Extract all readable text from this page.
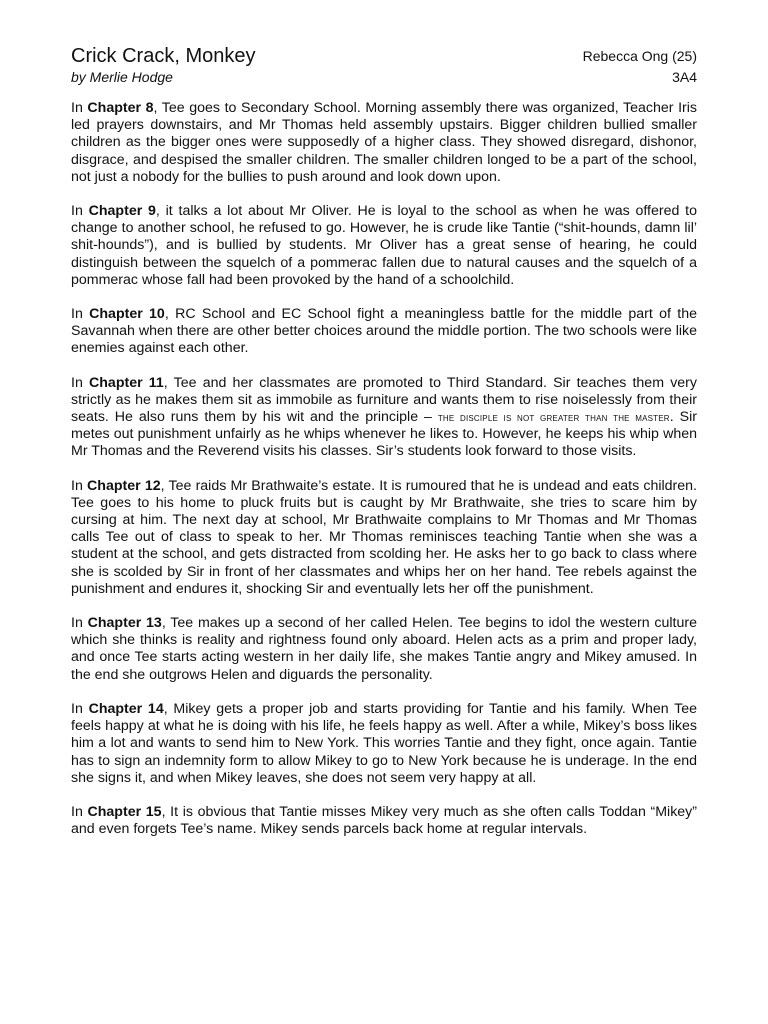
Crick Crack, Monkey
by Merlie Hodge
Rebecca Ong (25)
3A4

In Chapter 8, Tee goes to Secondary School. Morning assembly there was organized, Teacher Iris led prayers downstairs, and Mr Thomas held assembly upstairs. Bigger children bullied smaller children as the bigger ones were supposedly of a higher class. They showed disregard, dishonor, disgrace, and despised the smaller children. The smaller children longed to be a part of the school, not just a nobody for the bullies to push around and look down upon.

In Chapter 9, it talks a lot about Mr Oliver. He is loyal to the school as when he was offered to change to another school, he refused to go. However, he is crude like Tantie (“shit-hounds, damn lil’ shit-hounds”), and is bullied by students. Mr Oliver has a great sense of hearing, he could distinguish between the squelch of a pommerac fallen due to natural causes and the squelch of a pommerac whose fall had been provoked by the hand of a schoolchild.

In Chapter 10, RC School and EC School fight a meaningless battle for the middle part of the Savannah when there are other better choices around the middle portion. The two schools were like enemies against each other.

In Chapter 11, Tee and her classmates are promoted to Third Standard. Sir teaches them very strictly as he makes them sit as immobile as furniture and wants them to rise noiselessly from their seats. He also runs them by his wit and the principle – the disciple is not greater than the master. Sir metes out punishment unfairly as he whips whenever he likes to. However, he keeps his whip when Mr Thomas and the Reverend visits his classes. Sir’s students look forward to those visits.

In Chapter 12, Tee raids Mr Brathwaite’s estate. It is rumoured that he is undead and eats children. Tee goes to his home to pluck fruits but is caught by Mr Brathwaite, she tries to scare him by cursing at him. The next day at school, Mr Brathwaite complains to Mr Thomas and Mr Thomas calls Tee out of class to speak to her. Mr Thomas reminisces teaching Tantie when she was a student at the school, and gets distracted from scolding her. He asks her to go back to class where she is scolded by Sir in front of her classmates and whips her on her hand. Tee rebels against the punishment and endures it, shocking Sir and eventually lets her off the punishment.

In Chapter 13, Tee makes up a second of her called Helen. Tee begins to idol the western culture which she thinks is reality and rightness found only aboard. Helen acts as a prim and proper lady, and once Tee starts acting western in her daily life, she makes Tantie angry and Mikey amused. In the end she outgrows Helen and diguards the personality.

In Chapter 14, Mikey gets a proper job and starts providing for Tantie and his family. When Tee feels happy at what he is doing with his life, he feels happy as well. After a while, Mikey’s boss likes him a lot and wants to send him to New York. This worries Tantie and they fight, once again. Tantie has to sign an indemnity form to allow Mikey to go to New York because he is underage. In the end she signs it, and when Mikey leaves, she does not seem very happy at all.

In Chapter 15, It is obvious that Tantie misses Mikey very much as she often calls Toddan “Mikey” and even forgets Tee’s name. Mikey sends parcels back home at regular intervals.
